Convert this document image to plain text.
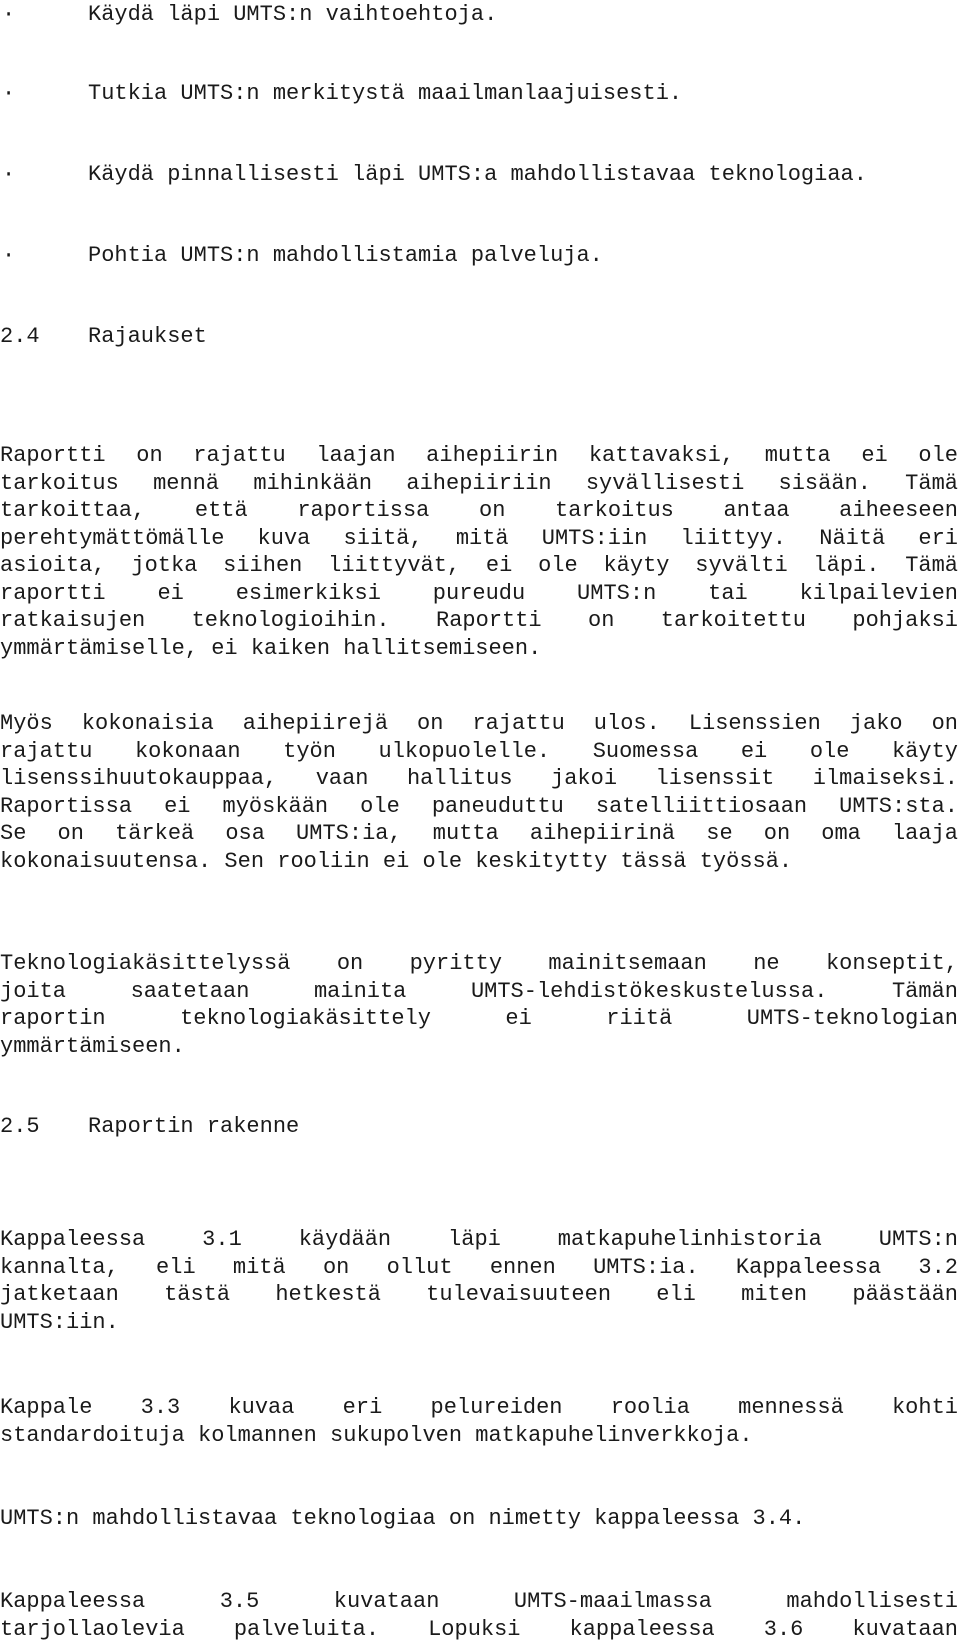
·

	Käydä läpi UMTS:n vaihtoehtoja.

·

	Tutkia UMTS:n merkitystä maailmanlaajuisesti.

·

	Käydä pinnallisesti läpi UMTS:a mahdollistavaa teknologiaa.

·

	Pohtia UMTS:n mahdollistamia palveluja.

2.4 Rajaukset
Raportti on rajattu laajan aihepiirin kattavaksi, mutta ei ole
tarkoitus mennä mihinkään aihepiiriin syvällisesti sisään. Tämä
tarkoittaa, että raportissa on tarkoitus antaa aiheeseen
perehtymättömälle kuva siitä, mitä UMTS:iin liittyy. Näitä eri
asioita, jotka siihen liittyvät, ei ole käyty syvälti läpi. Tämä
raportti ei esimerkiksi pureudu UMTS:n tai kilpailevien
ratkaisujen teknologioihin. Raportti on tarkoitettu pohjaksi
ymmärtämiselle, ei kaiken hallitsemiseen.
Myös kokonaisia aihepiirejä on rajattu ulos. Lisenssien jako on
rajattu kokonaan työn ulkopuolelle. Suomessa ei ole käyty
lisenssihuutokauppaa, vaan hallitus jakoi lisenssit ilmaiseksi.
Raportissa ei myöskään ole paneuduttu satelliittiosaan UMTS:sta.
Se on tärkeä osa UMTS:ia, mutta aihepiirinä se on oma laaja
kokonaisuutensa. Sen rooliin ei ole keskitytty tässä työssä.
Teknologiakäsittelyssä on pyritty mainitsemaan ne konseptit,
joita saatetaan mainita UMTS-lehdistökeskustelussa. Tämän
raportin teknologiakäsittely ei riitä UMTS-teknologian
ymmärtämiseen.
2.5 Raportin rakenne
Kappaleessa 3.1 käydään läpi matkapuhelinhistoria UMTS:n
kannalta, eli mitä on ollut ennen UMTS:ia. Kappaleessa 3.2
jatketaan tästä hetkestä tulevaisuuteen eli miten päästään
UMTS:iin.
Kappale 3.3 kuvaa eri pelureiden roolia mennessä kohti
standardoituja kolmannen sukupolven matkapuhelinverkkoja.
UMTS:n mahdollistavaa teknologiaa on nimetty kappaleessa 3.4.
Kappaleessa 3.5 kuvataan UMTS-maailmassa mahdollisesti
tarjollaolevia palveluita. Lopuksi kappaleessa 3.6 kuvataan
